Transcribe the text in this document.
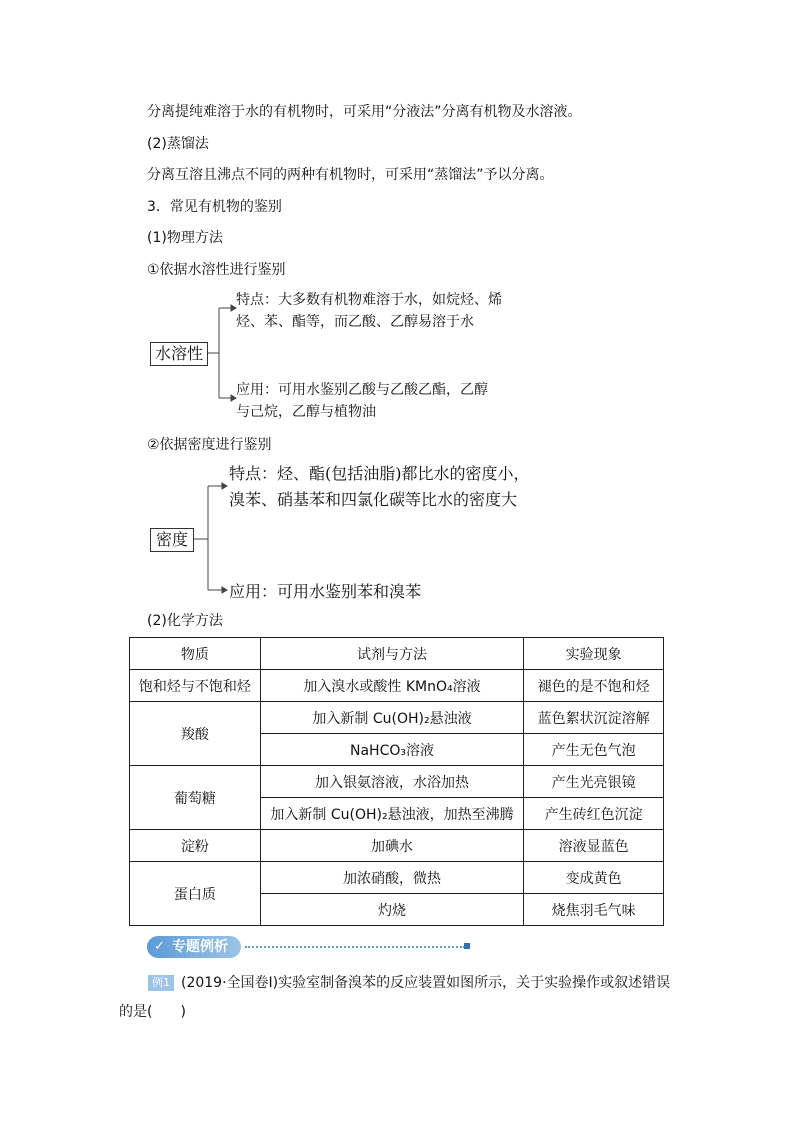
分离提纯难溶于水的有机物时，可采用“分液法”分离有机物及水溶液。
(2)蒸馏法
分离互溶且沸点不同的两种有机物时，可采用“蒸馏法”予以分离。
3．常见有机物的鉴别
(1)物理方法
①依据水溶性进行鉴别
水溶性
特点：大多数有机物难溶于水，如烷烃、烯
烃、苯、酯等，而乙酸、乙醇易溶于水
应用：可用水鉴别乙酸与乙酸乙酯，乙醇
与己烷，乙醇与植物油
②依据密度进行鉴别
密度
特点：烃、酯(包括油脂)都比水的密度小，
溴苯、硝基苯和四氯化碳等比水的密度大
应用：可用水鉴别苯和溴苯
(2)化学方法
物质	试剂与方法	实验现象
饱和烃与不饱和烃	加入溴水或酸性 KMnO₄溶液	褪色的是不饱和烃
羧酸	加入新制 Cu(OH)₂悬浊液	蓝色絮状沉淀溶解
	NaHCO₃溶液	产生无色气泡
葡萄糖	加入银氨溶液，水浴加热	产生光亮银镜
	加入新制 Cu(OH)₂悬浊液，加热至沸腾	产生砖红色沉淀
淀粉	加碘水	溶液显蓝色
蛋白质	加浓硝酸，微热	变成黄色
	灼烧	烧焦羽毛气味
✓ 专题例析
例1 (2019·全国卷Ⅰ)实验室制备溴苯的反应装置如图所示，关于实验操作或叙述错误
的是(　　)
